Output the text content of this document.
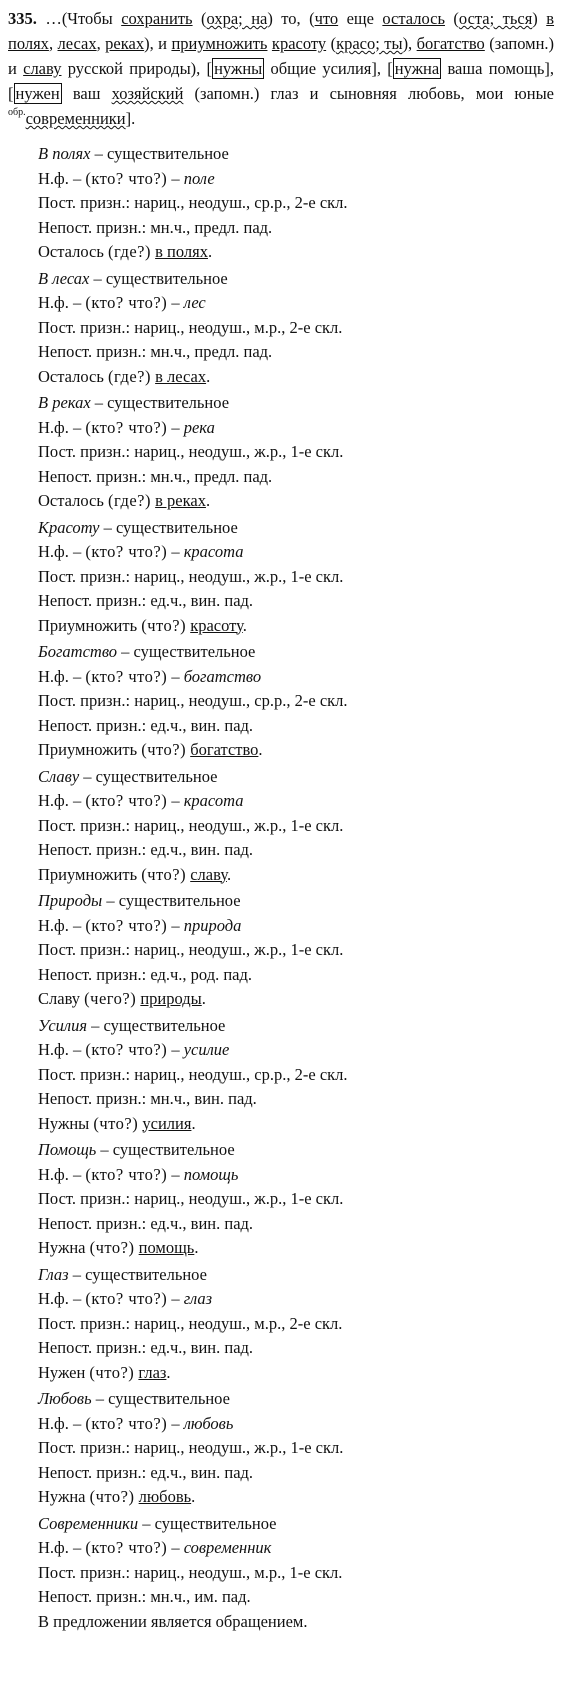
335. …(Чтобы сохранить (охра; на) то, (что еще осталось (оста; ться) в полях, лесах, реках), и приумножить красоту (красо; ты), богатство (запомн.) и славу русской природы), [ нужны общие усилия], [ нужна ваша помощь], [ нужен ваш хозяйский (запомн.) глаз и сыновняя любовь, мои юные $^{обр.}$современники].

В полях – существительное
Н.ф. – (кто? что?) – поле
Пост. призн.: нариц., неодуш., ср.р., 2-е скл.
Непост. призн.: мн.ч., предл. пад.
Осталось (где?) в полях.
В лесах – существительное
Н.ф. – (кто? что?) – лес
Пост. призн.: нариц., неодуш., м.р., 2-е скл.
Непост. призн.: мн.ч., предл. пад.
Осталось (где?) в лесах.
В реках – существительное
Н.ф. – (кто? что?) – река
Пост. призн.: нариц., неодуш., ж.р., 1-е скл.
Непост. призн.: мн.ч., предл. пад.
Осталось (где?) в реках.
Красоту – существительное
Н.ф. – (кто? что?) – красота
Пост. призн.: нариц., неодуш., ж.р., 1-е скл.
Непост. призн.: ед.ч., вин. пад.
Приумножить (что?) красоту.
Богатство – существительное
Н.ф. – (кто? что?) – богатство
Пост. призн.: нариц., неодуш., ср.р., 2-е скл.
Непост. призн.: ед.ч., вин. пад.
Приумножить (что?) богатство.
Славу – существительное
Н.ф. – (кто? что?) – красота
Пост. призн.: нариц., неодуш., ж.р., 1-е скл.
Непост. призн.: ед.ч., вин. пад.
Приумножить (что?) славу.
Природы – существительное
Н.ф. – (кто? что?) – природа
Пост. призн.: нариц., неодуш., ж.р., 1-е скл.
Непост. призн.: ед.ч., род. пад.
Славу (чего?) природы.
Усилия – существительное
Н.ф. – (кто? что?) – усилие
Пост. призн.: нариц., неодуш., ср.р., 2-е скл.
Непост. призн.: мн.ч., вин. пад.
Нужны (что?) усилия.
Помощь – существительное
Н.ф. – (кто? что?) – помощь
Пост. призн.: нариц., неодуш., ж.р., 1-е скл.
Непост. призн.: ед.ч., вин. пад.
Нужна (что?) помощь.
Глаз – существительное
Н.ф. – (кто? что?) – глаз
Пост. призн.: нариц., неодуш., м.р., 2-е скл.
Непост. призн.: ед.ч., вин. пад.
Нужен (что?) глаз.
Любовь – существительное
Н.ф. – (кто? что?) – любовь
Пост. призн.: нариц., неодуш., ж.р., 1-е скл.
Непост. призн.: ед.ч., вин. пад.
Нужна (что?) любовь.
Современники – существительное
Н.ф. – (кто? что?) – современник
Пост. призн.: нариц., неодуш., м.р., 1-е скл.
Непост. призн.: мн.ч., им. пад.
В предложении является обращением.
